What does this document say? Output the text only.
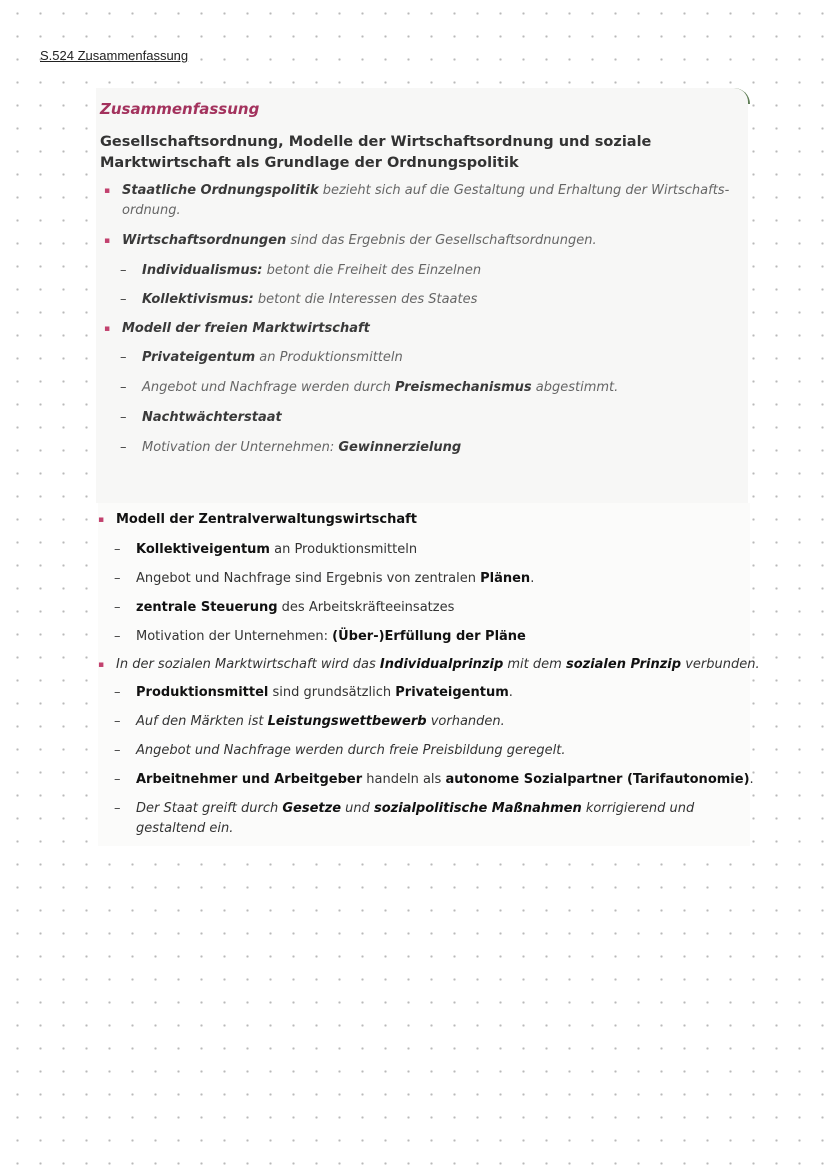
S.524 Zusammenfassung
Zusammenfassung
Gesellschaftsordnung, Modelle der Wirtschaftsordnung und soziale
Marktwirtschaft als Grundlage der Ordnungspolitik
▪ Staatliche Ordnungspolitik bezieht sich auf die Gestaltung und Erhaltung der Wirtschafts-ordnung.
▪ Wirtschaftsordnungen sind das Ergebnis der Gesellschaftsordnungen.
– Individualismus: betont die Freiheit des Einzelnen
– Kollektivismus: betont die Interessen des Staates
▪ Modell der freien Marktwirtschaft
– Privateigentum an Produktionsmitteln
– Angebot und Nachfrage werden durch Preismechanismus abgestimmt.
– Nachtwächterstaat
– Motivation der Unternehmen: Gewinnerzielung
▪ Modell der Zentralverwaltungswirtschaft
– Kollektiveigentum an Produktionsmitteln
– Angebot und Nachfrage sind Ergebnis von zentralen Plänen.
– zentrale Steuerung des Arbeitskräfteeinsatzes
– Motivation der Unternehmen: (Über-)Erfüllung der Pläne
▪ In der sozialen Marktwirtschaft wird das Individualprinzip mit dem sozialen Prinzip verbunden.
– Produktionsmittel sind grundsätzlich Privateigentum.
– Auf den Märkten ist Leistungswettbewerb vorhanden.
– Angebot und Nachfrage werden durch freie Preisbildung geregelt.
– Arbeitnehmer und Arbeitgeber handeln als autonome Sozialpartner (Tarifautonomie).
– Der Staat greift durch Gesetze und sozialpolitische Maßnahmen korrigierend und gestaltend ein.
